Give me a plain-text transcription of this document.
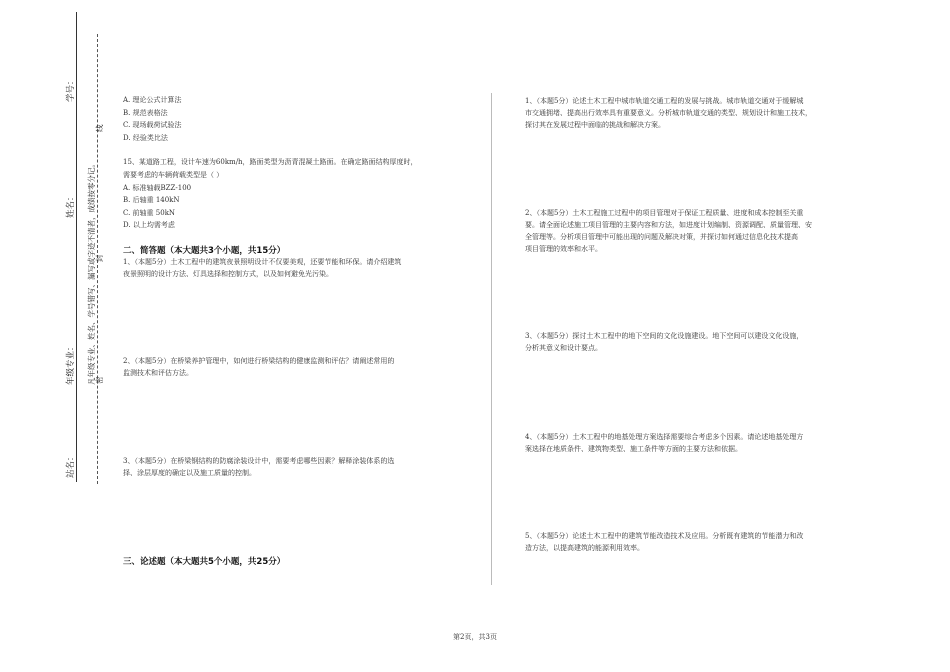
学号：
姓名：
年级专业：
站名：
凡年级专业、姓名、学号错写、漏写或字迹不清者，成绩按零分记。
线
封
密
A. 理论公式计算法
B. 规范表格法
C. 现场载荷试验法
D. 经验类比法
15、某道路工程，设计车速为60km/h，路面类型为沥青混凝土路面。在确定路面结构厚度时，
需要考虑的车辆荷载类型是（ ）
A. 标准轴载BZZ-100
B. 后轴重 140kN
C. 前轴重 50kN
D. 以上均需考虑
二、简答题（本大题共3个小题，共15分）
1、（本题5分）土木工程中的建筑夜景照明设计不仅要美观，还要节能和环保。请介绍建筑
夜景照明的设计方法、灯具选择和控制方式，以及如何避免光污染。
2、（本题5分）在桥梁养护管理中，如何进行桥梁结构的健康监测和评估？请阐述常用的
监测技术和评估方法。
3、（本题5分）在桥梁钢结构的防腐涂装设计中，需要考虑哪些因素？解释涂装体系的选
择、涂层厚度的确定以及施工质量的控制。
三、论述题（本大题共5个小题，共25分）
1、（本题5分）论述土木工程中城市轨道交通工程的发展与挑战。城市轨道交通对于缓解城
市交通拥堵、提高出行效率具有重要意义。分析城市轨道交通的类型、规划设计和施工技术，
探讨其在发展过程中面临的挑战和解决方案。
2、（本题5分）土木工程施工过程中的项目管理对于保证工程质量、进度和成本控制至关重
要。请全面论述施工项目管理的主要内容和方法，如进度计划编制、资源调配、质量管理、安
全管理等。分析项目管理中可能出现的问题及解决对策，并探讨如何通过信息化技术提高
项目管理的效率和水平。
3、（本题5分）探讨土木工程中的地下空间的文化设施建设。地下空间可以建设文化设施，
分析其意义和设计要点。
4、（本题5分）土木工程中的地基处理方案选择需要综合考虑多个因素。请论述地基处理方
案选择在地质条件、建筑物类型、施工条件等方面的主要方法和依据。
5、（本题5分）论述土木工程中的建筑节能改造技术及应用。分析既有建筑的节能潜力和改
造方法，以提高建筑的能源利用效率。
第2页，共3页
